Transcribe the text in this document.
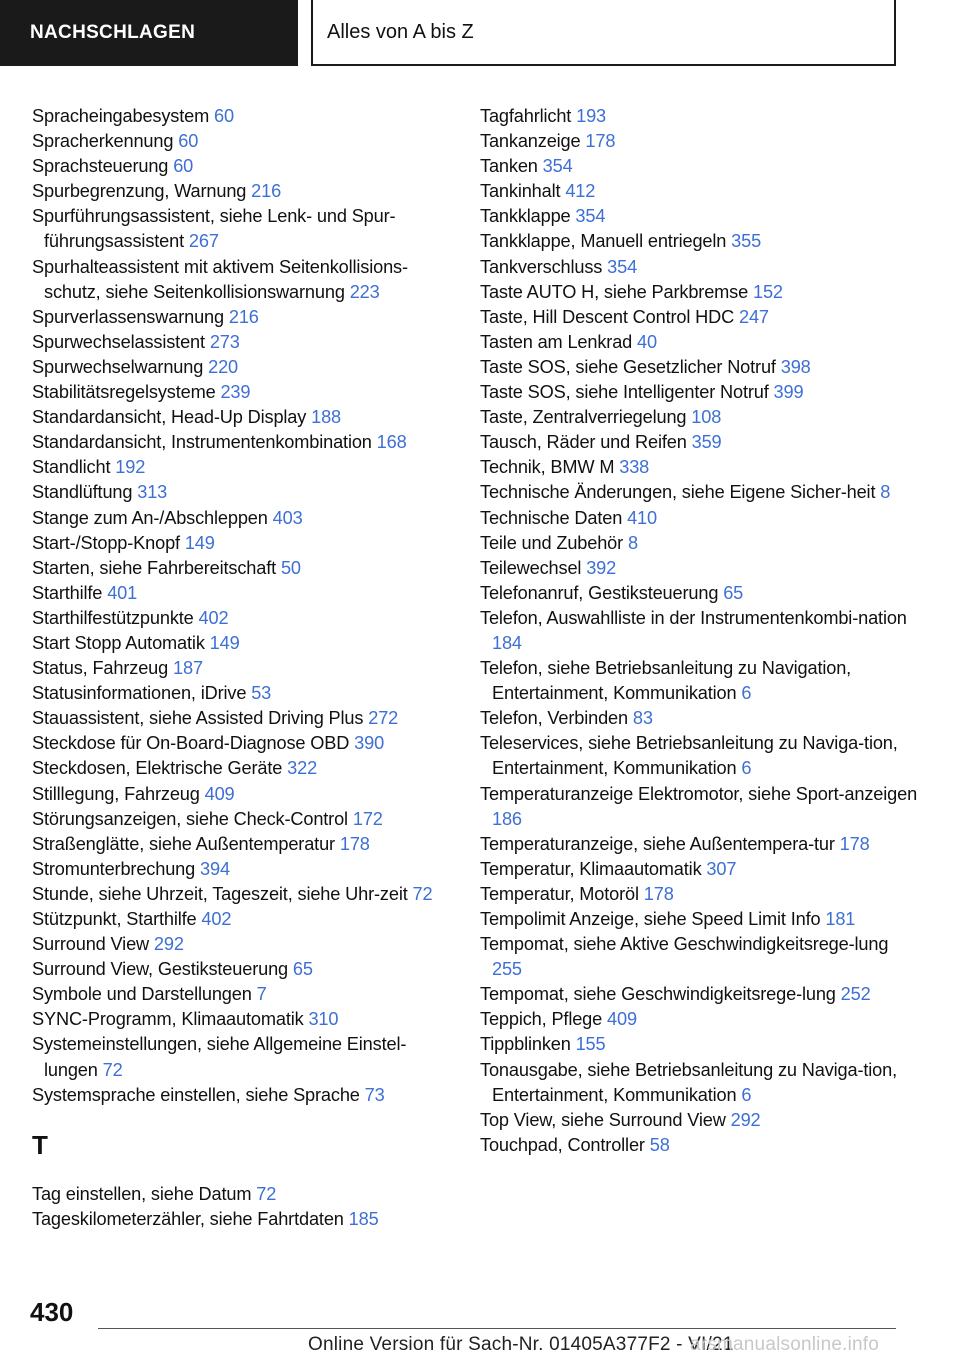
NACHSCHLAGEN	Alles von A bis Z
Spracheingabesystem 60
Spracherkennung 60
Sprachsteuerung 60
Spurbegrenzung, Warnung 216
Spurführungsassistent, siehe Lenk- und Spur-führungsassistent 267
Spurhalteassistent mit aktivem Seitenkollisions-schutz, siehe Seitenkollisionswarnung 223
Spurverlassenswarnung 216
Spurwechselassistent 273
Spurwechselwarnung 220
Stabilitätsregelsysteme 239
Standardansicht, Head-Up Display 188
Standardansicht, Instrumentenkombination 168
Standlicht 192
Standlüftung 313
Stange zum An-/Abschleppen 403
Start-/Stopp-Knopf 149
Starten, siehe Fahrbereitschaft 50
Starthilfe 401
Starthilfestützpunkte 402
Start Stopp Automatik 149
Status, Fahrzeug 187
Statusinformationen, iDrive 53
Stauassistent, siehe Assisted Driving Plus 272
Steckdose für On-Board-Diagnose OBD 390
Steckdosen, Elektrische Geräte 322
Stilllegung, Fahrzeug 409
Störungsanzeigen, siehe Check-Control 172
Straßenglätte, siehe Außentemperatur 178
Stromunterbrechung 394
Stunde, siehe Uhrzeit, Tageszeit, siehe Uhr-zeit 72
Stützpunkt, Starthilfe 402
Surround View 292
Surround View, Gestiksteuerung 65
Symbole und Darstellungen 7
SYNC-Programm, Klimaautomatik 310
Systemeinstellungen, siehe Allgemeine Einstel-lungen 72
Systemsprache einstellen, siehe Sprache 73
T
Tag einstellen, siehe Datum 72
Tageskilometerzähler, siehe Fahrtdaten 185
Tagfahrlicht 193
Tankanzeige 178
Tanken 354
Tankinhalt 412
Tankklappe 354
Tankklappe, Manuell entriegeln 355
Tankverschluss 354
Taste AUTO H, siehe Parkbremse 152
Taste, Hill Descent Control HDC 247
Tasten am Lenkrad 40
Taste SOS, siehe Gesetzlicher Notruf 398
Taste SOS, siehe Intelligenter Notruf 399
Taste, Zentralverriegelung 108
Tausch, Räder und Reifen 359
Technik, BMW M 338
Technische Änderungen, siehe Eigene Sicher-heit 8
Technische Daten 410
Teile und Zubehör 8
Teilewechsel 392
Telefonanruf, Gestiksteuerung 65
Telefon, Auswahlliste in der Instrumentenkombi-nation 184
Telefon, siehe Betriebsanleitung zu Navigation, Entertainment, Kommunikation 6
Telefon, Verbinden 83
Teleservices, siehe Betriebsanleitung zu Naviga-tion, Entertainment, Kommunikation 6
Temperaturanzeige Elektromotor, siehe Sport-anzeigen 186
Temperaturanzeige, siehe Außentempera-tur 178
Temperatur, Klimaautomatik 307
Temperatur, Motoröl 178
Tempolimit Anzeige, siehe Speed Limit Info 181
Tempomat, siehe Aktive Geschwindigkeitsrege-lung 255
Tempomat, siehe Geschwindigkeitsrege-lung 252
Teppich, Pflege 409
Tippblinken 155
Tonausgabe, siehe Betriebsanleitung zu Naviga-tion, Entertainment, Kommunikation 6
Top View, siehe Surround View 292
Touchpad, Controller 58
430
Online Version für Sach-Nr. 01405A377F2 - VI/21
arsmanualsonline.info
